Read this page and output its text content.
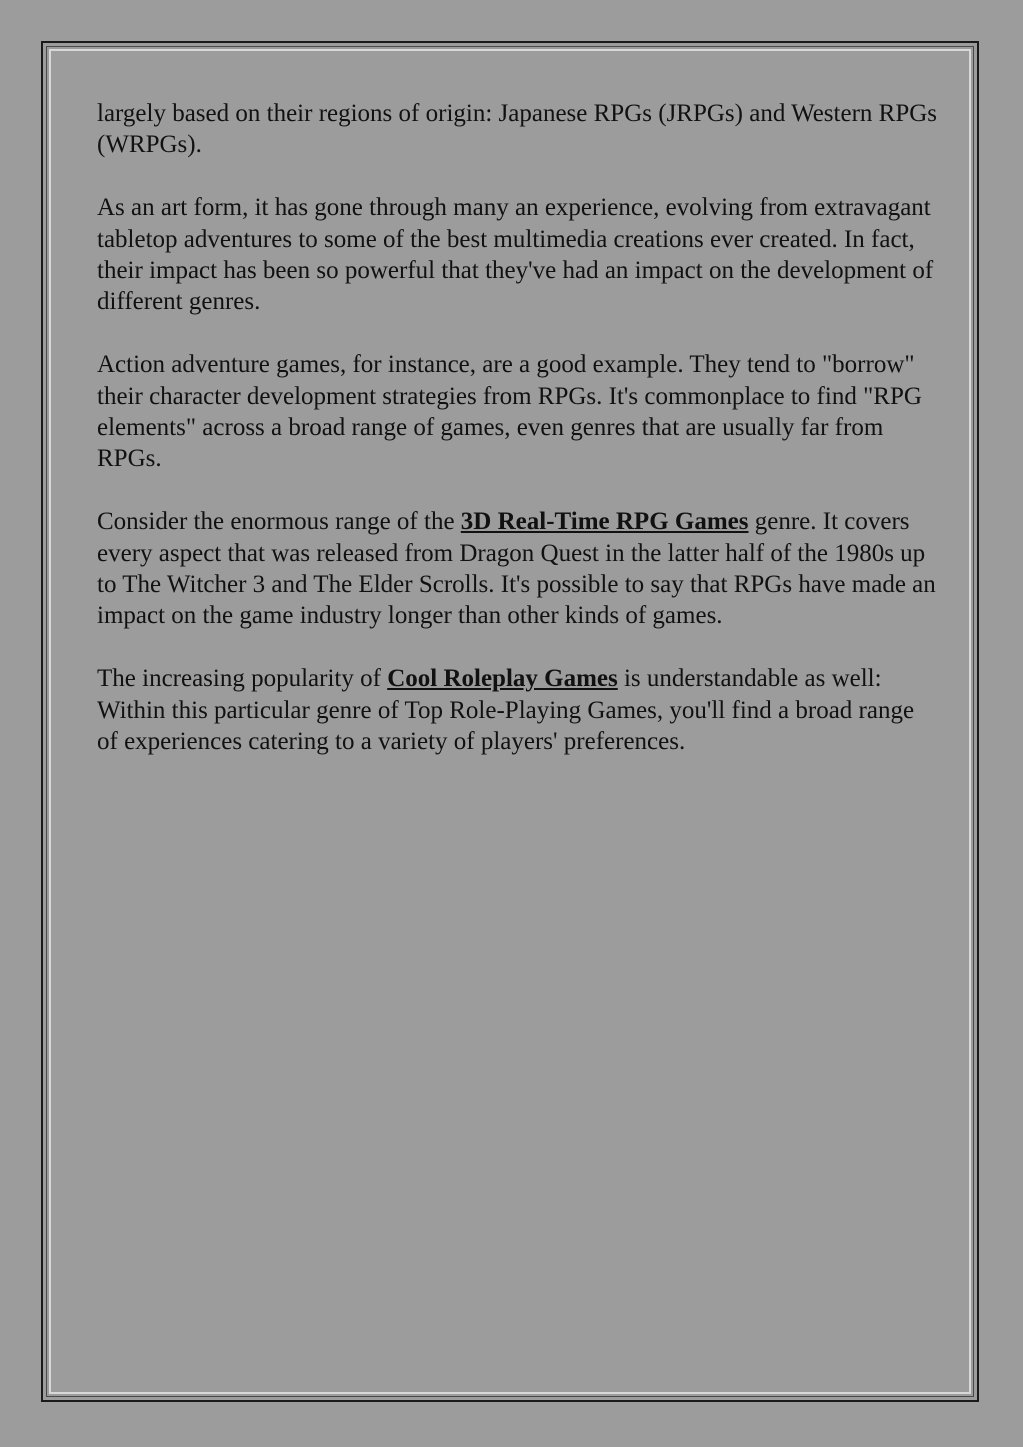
largely based on their regions of origin: Japanese RPGs (JRPGs) and Western RPGs (WRPGs).

As an art form, it has gone through many an experience, evolving from extravagant tabletop adventures to some of the best multimedia creations ever created. In fact, their impact has been so powerful that they've had an impact on the development of different genres.

Action adventure games, for instance, are a good example. They tend to "borrow" their character development strategies from RPGs. It's commonplace to find "RPG elements" across a broad range of games, even genres that are usually far from RPGs.

Consider the enormous range of the 3D Real-Time RPG Games genre. It covers every aspect that was released from Dragon Quest in the latter half of the 1980s up to The Witcher 3 and The Elder Scrolls. It's possible to say that RPGs have made an impact on the game industry longer than other kinds of games.

The increasing popularity of Cool Roleplay Games is understandable as well: Within this particular genre of Top Role-Playing Games, you'll find a broad range of experiences catering to a variety of players' preferences.
